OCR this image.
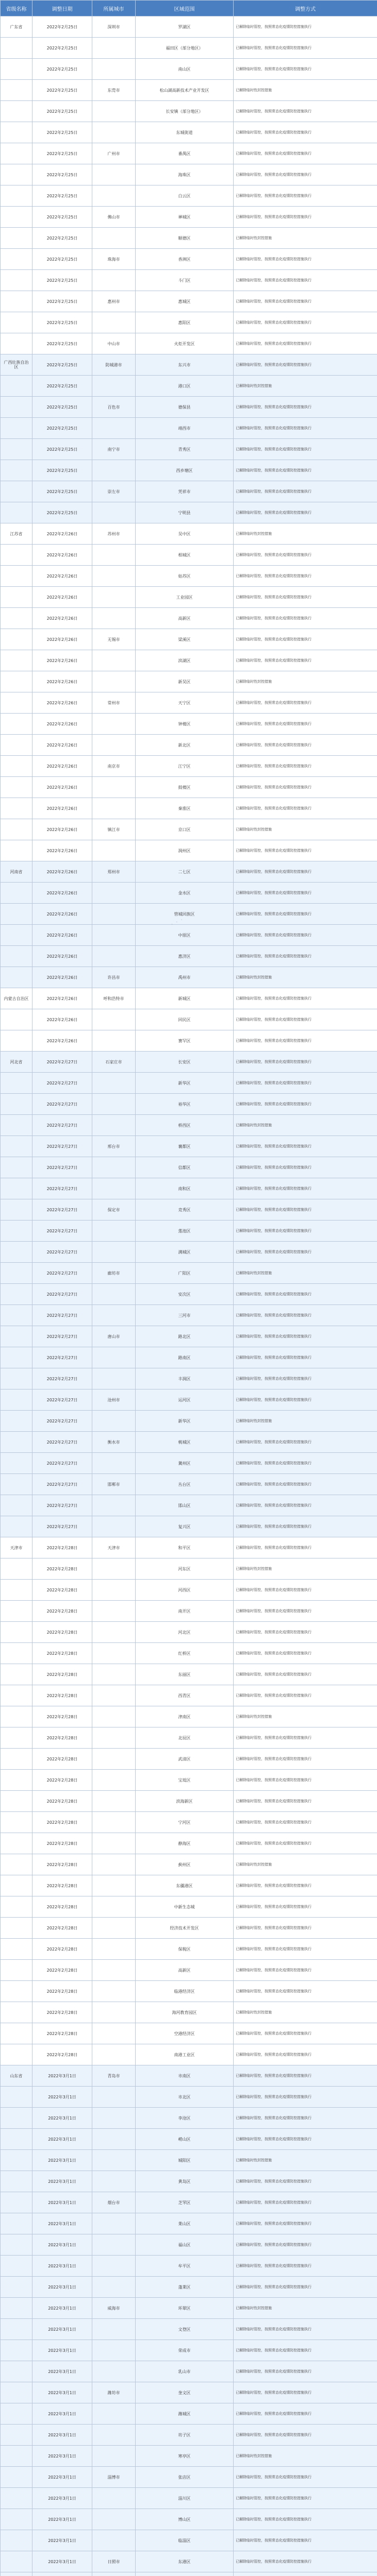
省级名称	调整日期	所属城市	区域范围	调整方式
广东省	2022年2月25日	深圳市	罗湖区	已解除临时管控，按照常态化疫情防控措施执行
	2022年2月25日		福田区（部分地区）	已解除临时管控，按照常态化疫情防控措施执行
	2022年2月25日		南山区	已解除临时管控，按照常态化疫情防控措施执行
	2022年2月25日	东莞市	松山湖高新技术产业开发区	已解除临时性封控措施
	2022年2月25日		长安镇（部分地区）	已解除临时管控，按照常态化疫情防控措施执行
	2022年2月25日		东城街道	已解除临时管控，按照常态化疫情防控措施执行
	2022年2月25日	广州市	番禺区	已解除临时管控，按照常态化疫情防控措施执行
	2022年2月25日		海珠区	已解除临时管控，按照常态化疫情防控措施执行
	2022年2月25日		白云区	已解除临时管控，按照常态化疫情防控措施执行
	2022年2月25日	佛山市	禅城区	已解除临时管控，按照常态化疫情防控措施执行
	2022年2月25日		顺德区	已解除临时性封控措施
	2022年2月25日	珠海市	香洲区	已解除临时管控，按照常态化疫情防控措施执行
	2022年2月25日		斗门区	已解除临时管控，按照常态化疫情防控措施执行
	2022年2月25日	惠州市	惠城区	已解除临时管控，按照常态化疫情防控措施执行
	2022年2月25日		惠阳区	已解除临时管控，按照常态化疫情防控措施执行
	2022年2月25日	中山市	火炬开发区	已解除临时管控，按照常态化疫情防控措施执行
广西壮族自治区	2022年2月25日	防城港市	东兴市	已解除临时管控，按照常态化疫情防控措施执行
	2022年2月25日		港口区	已解除临时性封控措施
	2022年2月25日	百色市	德保县	已解除临时管控，按照常态化疫情防控措施执行
	2022年2月25日		靖西市	已解除临时管控，按照常态化疫情防控措施执行
	2022年2月25日	南宁市	青秀区	已解除临时管控，按照常态化疫情防控措施执行
	2022年2月25日		西乡塘区	已解除临时管控，按照常态化疫情防控措施执行
	2022年2月25日	崇左市	凭祥市	已解除临时管控，按照常态化疫情防控措施执行
	2022年2月25日		宁明县	已解除临时管控，按照常态化疫情防控措施执行
江苏省	2022年2月26日	苏州市	吴中区	已解除临时性封控措施
	2022年2月26日		相城区	已解除临时管控，按照常态化疫情防控措施执行
	2022年2月26日		姑苏区	已解除临时管控，按照常态化疫情防控措施执行
	2022年2月26日		工业园区	已解除临时管控，按照常态化疫情防控措施执行
	2022年2月26日		高新区	已解除临时管控，按照常态化疫情防控措施执行
	2022年2月26日	无锡市	梁溪区	已解除临时管控，按照常态化疫情防控措施执行
	2022年2月26日		滨湖区	已解除临时管控，按照常态化疫情防控措施执行
	2022年2月26日		新吴区	已解除临时性封控措施
	2022年2月26日	常州市	天宁区	已解除临时管控，按照常态化疫情防控措施执行
	2022年2月26日		钟楼区	已解除临时管控，按照常态化疫情防控措施执行
	2022年2月26日		新北区	已解除临时管控，按照常态化疫情防控措施执行
	2022年2月26日	南京市	江宁区	已解除临时管控，按照常态化疫情防控措施执行
	2022年2月26日		鼓楼区	已解除临时管控，按照常态化疫情防控措施执行
	2022年2月26日		秦淮区	已解除临时管控，按照常态化疫情防控措施执行
	2022年2月26日	镇江市	京口区	已解除临时性封控措施
	2022年2月26日		润州区	已解除临时管控，按照常态化疫情防控措施执行
河南省	2022年2月26日	郑州市	二七区	已解除临时管控，按照常态化疫情防控措施执行
	2022年2月26日		金水区	已解除临时管控，按照常态化疫情防控措施执行
	2022年2月26日		管城回族区	已解除临时管控，按照常态化疫情防控措施执行
	2022年2月26日		中原区	已解除临时管控，按照常态化疫情防控措施执行
	2022年2月26日		惠济区	已解除临时管控，按照常态化疫情防控措施执行
	2022年2月26日	许昌市	禹州市	已解除临时性封控措施
内蒙古自治区	2022年2月26日	呼和浩特市	新城区	已解除临时管控，按照常态化疫情防控措施执行
	2022年2月26日		回民区	已解除临时管控，按照常态化疫情防控措施执行
	2022年2月26日		赛罕区	已解除临时管控，按照常态化疫情防控措施执行
河北省	2022年2月27日	石家庄市	长安区	已解除临时管控，按照常态化疫情防控措施执行
	2022年2月27日		新华区	已解除临时管控，按照常态化疫情防控措施执行
	2022年2月27日		裕华区	已解除临时管控，按照常态化疫情防控措施执行
	2022年2月27日		桥西区	已解除临时性封控措施
	2022年2月27日	邢台市	襄都区	已解除临时管控，按照常态化疫情防控措施执行
	2022年2月27日		信都区	已解除临时管控，按照常态化疫情防控措施执行
	2022年2月27日		南和区	已解除临时管控，按照常态化疫情防控措施执行
	2022年2月27日	保定市	竞秀区	已解除临时管控，按照常态化疫情防控措施执行
	2022年2月27日		莲池区	已解除临时管控，按照常态化疫情防控措施执行
	2022年2月27日		满城区	已解除临时管控，按照常态化疫情防控措施执行
	2022年2月27日	廊坊市	广阳区	已解除临时性封控措施
	2022年2月27日		安次区	已解除临时管控，按照常态化疫情防控措施执行
	2022年2月27日		三河市	已解除临时管控，按照常态化疫情防控措施执行
	2022年2月27日	唐山市	路北区	已解除临时管控，按照常态化疫情防控措施执行
	2022年2月27日		路南区	已解除临时管控，按照常态化疫情防控措施执行
	2022年2月27日		丰润区	已解除临时管控，按照常态化疫情防控措施执行
	2022年2月27日	沧州市	运河区	已解除临时管控，按照常态化疫情防控措施执行
	2022年2月27日		新华区	已解除临时性封控措施
	2022年2月27日	衡水市	桃城区	已解除临时管控，按照常态化疫情防控措施执行
	2022年2月27日		冀州区	已解除临时管控，按照常态化疫情防控措施执行
	2022年2月27日	邯郸市	丛台区	已解除临时管控，按照常态化疫情防控措施执行
	2022年2月27日		邯山区	已解除临时管控，按照常态化疫情防控措施执行
	2022年2月27日		复兴区	已解除临时管控，按照常态化疫情防控措施执行
天津市	2022年2月28日	天津市	和平区	已解除临时管控，按照常态化疫情防控措施执行
	2022年2月28日		河东区	已解除临时性封控措施
	2022年2月28日		河西区	已解除临时管控，按照常态化疫情防控措施执行
	2022年2月28日		南开区	已解除临时管控，按照常态化疫情防控措施执行
	2022年2月28日		河北区	已解除临时管控，按照常态化疫情防控措施执行
	2022年2月28日		红桥区	已解除临时管控，按照常态化疫情防控措施执行
	2022年2月28日		东丽区	已解除临时管控，按照常态化疫情防控措施执行
	2022年2月28日		西青区	已解除临时管控，按照常态化疫情防控措施执行
	2022年2月28日		津南区	已解除临时性封控措施
	2022年2月28日		北辰区	已解除临时管控，按照常态化疫情防控措施执行
	2022年2月28日		武清区	已解除临时管控，按照常态化疫情防控措施执行
	2022年2月28日		宝坻区	已解除临时管控，按照常态化疫情防控措施执行
	2022年2月28日		滨海新区	已解除临时管控，按照常态化疫情防控措施执行
	2022年2月28日		宁河区	已解除临时管控，按照常态化疫情防控措施执行
	2022年2月28日		静海区	已解除临时管控，按照常态化疫情防控措施执行
	2022年2月28日		蓟州区	已解除临时性封控措施
	2022年2月28日		东疆港区	已解除临时管控，按照常态化疫情防控措施执行
	2022年2月28日		中新生态城	已解除临时管控，按照常态化疫情防控措施执行
	2022年2月28日		经济技术开发区	已解除临时管控，按照常态化疫情防控措施执行
	2022年2月28日		保税区	已解除临时管控，按照常态化疫情防控措施执行
	2022年2月28日		高新区	已解除临时管控，按照常态化疫情防控措施执行
	2022年2月28日		临港经济区	已解除临时管控，按照常态化疫情防控措施执行
	2022年2月28日		海河教育园区	已解除临时性封控措施
	2022年2月28日		空港经济区	已解除临时管控，按照常态化疫情防控措施执行
	2022年2月28日		南港工业区	已解除临时管控，按照常态化疫情防控措施执行
山东省	2022年3月1日	青岛市	市南区	已解除临时管控，按照常态化疫情防控措施执行
	2022年3月1日		市北区	已解除临时管控，按照常态化疫情防控措施执行
	2022年3月1日		李沧区	已解除临时管控，按照常态化疫情防控措施执行
	2022年3月1日		崂山区	已解除临时管控，按照常态化疫情防控措施执行
	2022年3月1日		城阳区	已解除临时性封控措施
	2022年3月1日		黄岛区	已解除临时管控，按照常态化疫情防控措施执行
	2022年3月1日	烟台市	芝罘区	已解除临时管控，按照常态化疫情防控措施执行
	2022年3月1日		莱山区	已解除临时管控，按照常态化疫情防控措施执行
	2022年3月1日		福山区	已解除临时管控，按照常态化疫情防控措施执行
	2022年3月1日		牟平区	已解除临时管控，按照常态化疫情防控措施执行
	2022年3月1日		蓬莱区	已解除临时管控，按照常态化疫情防控措施执行
	2022年3月1日	威海市	环翠区	已解除临时性封控措施
	2022年3月1日		文登区	已解除临时管控，按照常态化疫情防控措施执行
	2022年3月1日		荣成市	已解除临时管控，按照常态化疫情防控措施执行
	2022年3月1日		乳山市	已解除临时管控，按照常态化疫情防控措施执行
	2022年3月1日	潍坊市	奎文区	已解除临时管控，按照常态化疫情防控措施执行
	2022年3月1日		潍城区	已解除临时管控，按照常态化疫情防控措施执行
	2022年3月1日		坊子区	已解除临时管控，按照常态化疫情防控措施执行
	2022年3月1日		寒亭区	已解除临时性封控措施
	2022年3月1日	淄博市	张店区	已解除临时管控，按照常态化疫情防控措施执行
	2022年3月1日		淄川区	已解除临时管控，按照常态化疫情防控措施执行
	2022年3月1日		博山区	已解除临时管控，按照常态化疫情防控措施执行
	2022年3月1日		临淄区	已解除临时管控，按照常态化疫情防控措施执行
	2022年3月1日	日照市	东港区	已解除临时管控，按照常态化疫情防控措施执行

· · ·
